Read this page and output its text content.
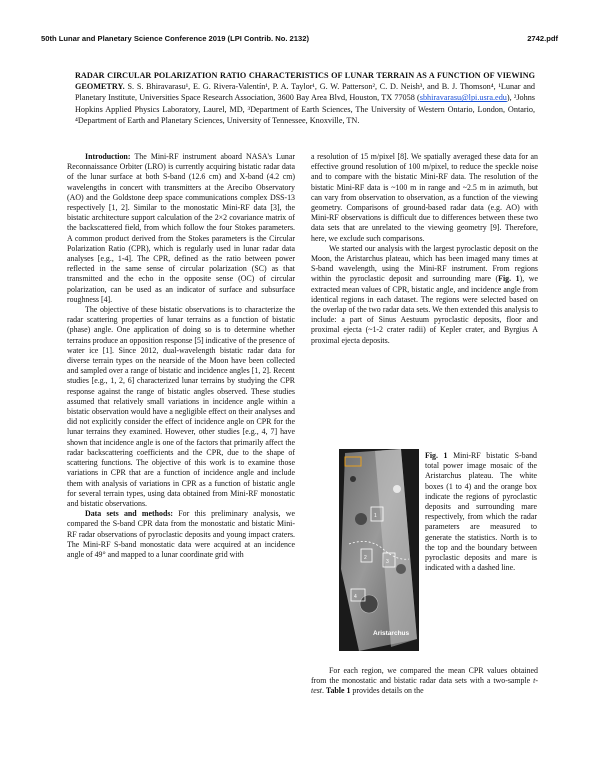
50th Lunar and Planetary Science Conference 2019 (LPI Contrib. No. 2132)	2742.pdf
RADAR CIRCULAR POLARIZATION RATIO CHARACTERISTICS OF LUNAR TERRAIN AS A FUNCTION OF VIEWING GEOMETRY. S. S. Bhiravarasu¹, E. G. Rivera-Valentín¹, P. A. Taylor¹, G. W. Patterson², C. D. Neish³, and B. J. Thomson⁴, ¹Lunar and Planetary Institute, Universities Space Research Association, 3600 Bay Area Blvd, Houston, TX 77058 (sbhiravarasu@lpi.usra.edu), ²Johns Hopkins Applied Physics Laboratory, Laurel, MD, ³Department of Earth Sciences, The University of Western Ontario, London, Ontario, ⁴Department of Earth and Planetary Sciences, University of Tennessee, Knoxville, TN.

Introduction: The Mini-RF instrument aboard NASA's Lunar Reconnaissance Orbiter (LRO) is currently acquiring bistatic radar data of the lunar surface at both S-band (12.6 cm) and X-band (4.2 cm) wavelengths in concert with transmitters at the Arecibo Observatory (AO) and the Goldstone deep space communications complex DSS-13 respectively [1, 2]. Similar to the monostatic Mini-RF data [3], the bistatic architecture support calculation of the 2×2 covariance matrix of the backscattered field, from which follow the four Stokes parameters. A common product derived from the Stokes parameters is the Circular Polarization Ratio (CPR), which is regularly used in lunar radar data analyses [e.g., 1-4]. The CPR, defined as the ratio between power reflected in the same sense of circular polarization (SC) as that transmitted and the echo in the opposite sense (OC) of circular polarization, can be used as an indicator of surface and subsurface roughness [4].

The objective of these bistatic observations is to characterize the radar scattering properties of lunar terrains as a function of bistatic (phase) angle. One application of doing so is to determine whether terrains produce an opposition response [5] indicative of the presence of water ice [1]. Since 2012, dual-wavelength bistatic radar data for diverse terrain types on the nearside of the Moon have been collected and sampled over a range of bistatic and incidence angles [1, 2]. Recent studies [e.g., 1, 2, 6] characterized lunar terrains by studying the CPR response against the range of bistatic angles observed. These studies assumed that relatively small variations in incidence angle within a bistatic observation would have a negligible effect on their analyses and did not explicitly consider the effect of incidence angle on CPR for the lunar terrains they examined. However, other studies [e.g., 4, 7] have shown that incidence angle is one of the factors that primarily affect the radar backscattering coefficients and the CPR, due to the shape of scattering functions. The objective of this work is to examine those variations in CPR that are a function of incidence angle and include them with analysis of variations in CPR as a function of bistatic angle for several terrain types, using data obtained from Mini-RF monostatic and bistatic observations.

Data sets and methods: For this preliminary analysis, we compared the S-band CPR data from the monostatic and bistatic Mini-RF radar observations of pyroclastic deposits and young impact craters. The Mini-RF S-band monostatic data were acquired at an incidence angle of 49° and mapped to a lunar coordinate grid with

a resolution of 15 m/pixel [8]. We spatially averaged these data for an effective ground resolution of 100 m/pixel, to reduce the speckle noise and to compare with the bistatic Mini-RF data. The resolution of the bistatic Mini-RF data is ~100 m in range and ~2.5 m in azimuth, but can vary from observation to observation, as a function of the viewing geometry. Comparisons of ground-based radar data (e.g. AO) with Mini-RF observations is difficult due to differences between these two data sets that are unrelated to the viewing geometry [9]. Therefore, here, we exclude such comparisons.

We started our analysis with the largest pyroclastic deposit on the Moon, the Aristarchus plateau, which has been imaged many times at S-band wavelength, using the Mini-RF instrument. From regions within the pyroclastic deposit and surrounding mare (Fig. 1), we extracted mean values of CPR, bistatic angle, and incidence angle from identical regions in each dataset. The regions were selected based on the overlap of the two radar data sets. We then extended this analysis to include: a part of Sinus Aestuum pyroclastic deposits, floor and proximal ejecta (~1-2 crater radii) of Kepler crater, and Byrgius A proximal ejecta deposits.

1
2
3
4
Aristarchus
Fig. 1 Mini-RF bistatic S-band total power image mosaic of the Aristarchus plateau. The white boxes (1 to 4) and the orange box indicate the regions of pyroclastic deposits and surrounding mare respectively, from which the radar parameters are measured to generate the statistics. North is to the top and the boundary between pyroclastic deposits and mare is indicated with a dashed line.

For each region, we compared the mean CPR values obtained from the monostatic and bistatic radar data sets with a two-sample t-test. Table 1 provides details on the
